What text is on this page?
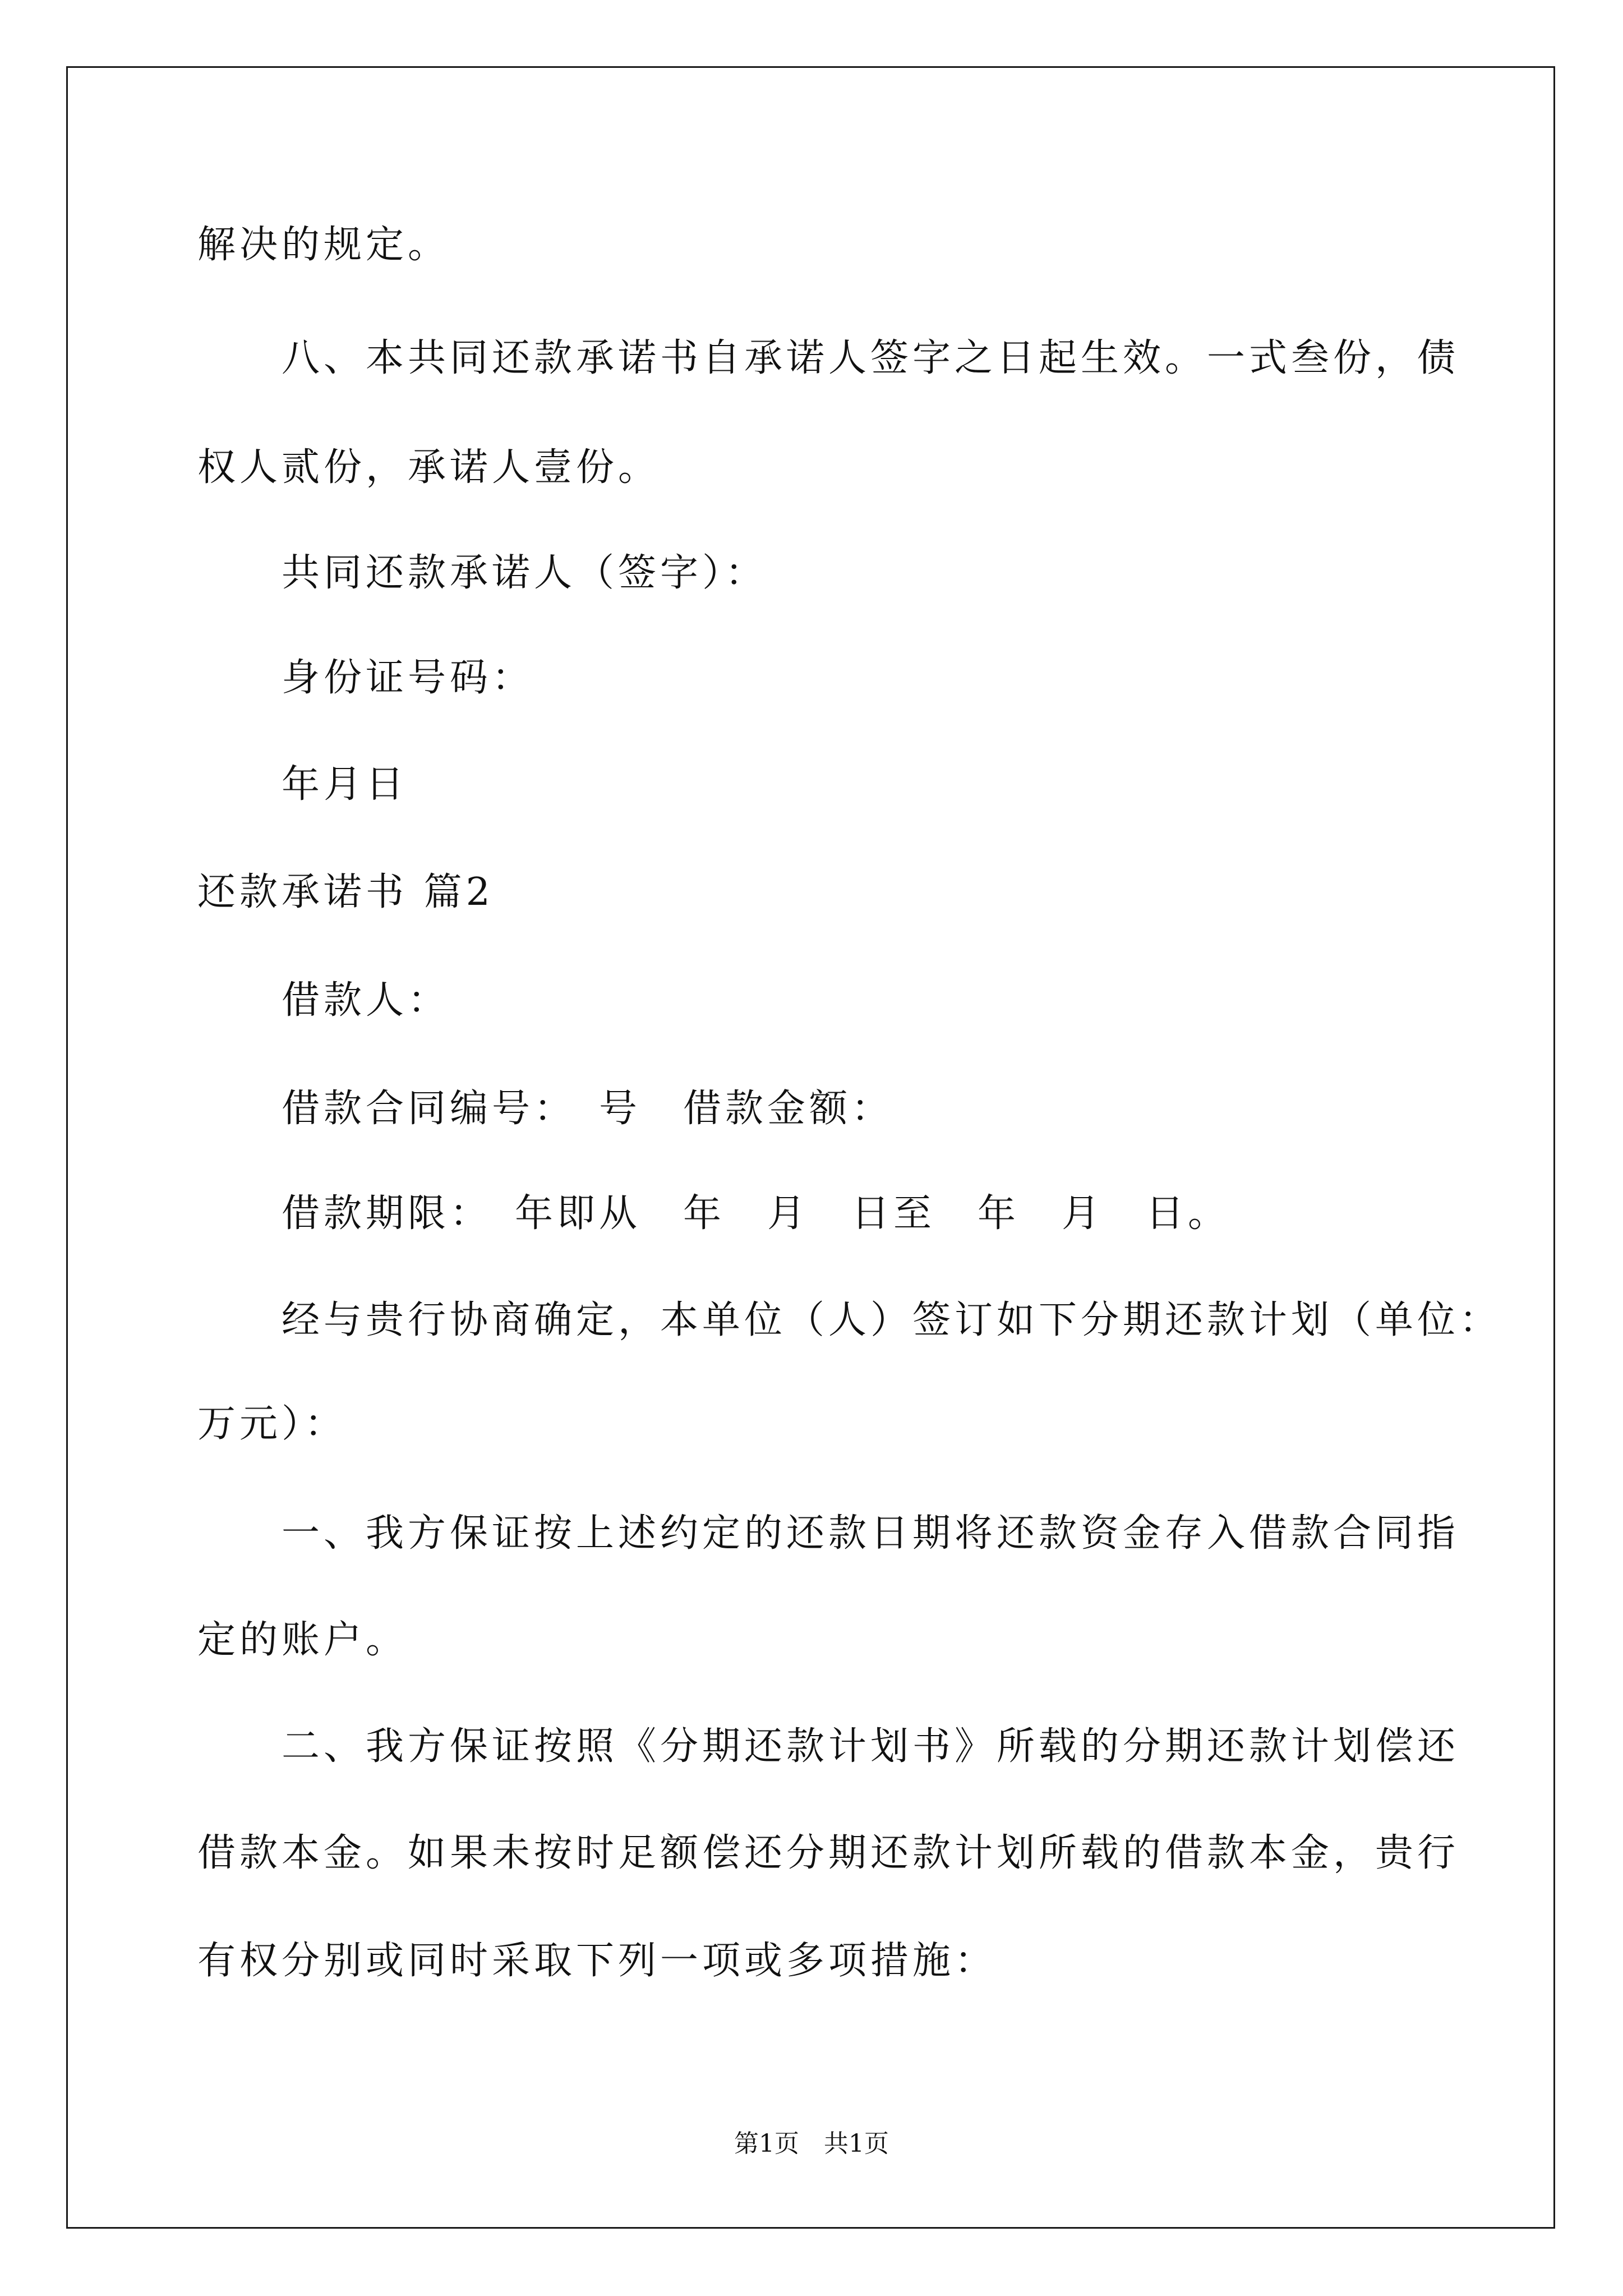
解决的规定。

八、本共同还款承诺书自承诺人签字之日起生效。一式叁份，债

权人贰份，承诺人壹份。

共同还款承诺人（签字）：

身份证号码：

年月日

还款承诺书 篇2

借款人：

借款合同编号：　号　借款金额：

借款期限：　年即从　年　月　日至　年　月　日。

经与贵行协商确定，本单位（人）签订如下分期还款计划（单位：

万元）：

一、我方保证按上述约定的还款日期将还款资金存入借款合同指

定的账户。

二、我方保证按照《分期还款计划书》所载的分期还款计划偿还

借款本金。如果未按时足额偿还分期还款计划所载的借款本金，贵行

有权分别或同时采取下列一项或多项措施：

第1页　共1页
